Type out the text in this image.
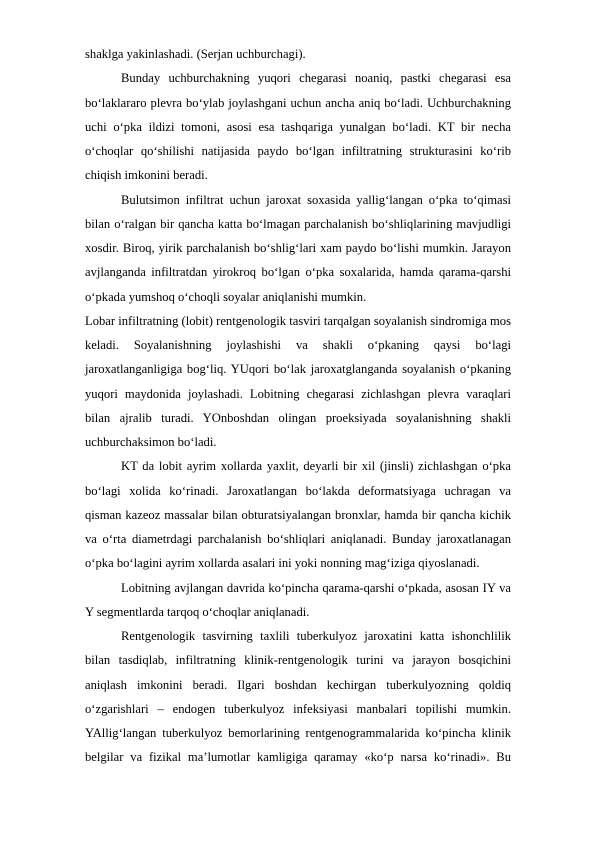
shaklga yakinlashadi. (Serjan uchburchagi).

Bunday uchburchakning yuqori chegarasi noaniq, pastki chegarasi esa bo‘laklararo plevra bo‘ylab joylashgani uchun ancha aniq bo‘ladi. Uchburchakning uchi o‘pka ildizi tomoni, asosi esa tashqariga yunalgan bo‘ladi. KT bir necha o‘choqlar qo‘shilishi natijasida paydo bo‘lgan infiltratning strukturasini ko‘rib chiqish imkonini beradi.

Bulutsimon infiltrat uchun jaroxat soxasida yallig‘langan o‘pka to‘qimasi bilan o‘ralgan bir qancha katta bo‘lmagan parchalanish bo‘shliqlarining mavjudligi xosdir. Biroq, yirik parchalanish bo‘shlig‘lari xam paydo bo‘lishi mumkin. Jarayon avjlanganda infiltratdan yirokroq bo‘lgan o‘pka soxalarida, hamda qarama-qarshi o‘pkada yumshoq o‘choqli soyalar aniqlanishi mumkin.

Lobar infiltratning (lobit) rentgenologik tasviri tarqalgan soyalanish sindromiga mos keladi. Soyalanishning joylashishi va shakli o‘pkaning qaysi bo‘lagi jaroxatlanganligiga bog‘liq. YUqori bo‘lak jaroxatglanganda soyalanish o‘pkaning yuqori maydonida joylashadi. Lobitning chegarasi zichlashgan plevra varaqlari bilan ajralib turadi. YOnboshdan olingan proeksiyada soyalanishning shakli uchburchaksimon bo‘ladi.

KT da lobit ayrim xollarda yaxlit, deyarli bir xil (jinsli) zichlashgan o‘pka bo‘lagi xolida ko‘rinadi. Jaroxatlangan bo‘lakda deformatsiyaga uchragan va qisman kazeoz massalar bilan obturatsiyalangan bronxlar, hamda bir qancha kichik va o‘rta diametrdagi parchalanish bo‘shliqlari aniqlanadi. Bunday jaroxatlanagan o‘pka bo‘lagini ayrim xollarda asalari ini yoki nonning mag‘iziga qiyoslanadi.

Lobitning avjlangan davrida ko‘pincha qarama-qarshi o‘pkada, asosan IY va Y segmentlarda tarqoq o‘choqlar aniqlanadi.

Rentgenologik tasvirning taxlili tuberkulyoz jaroxatini katta ishonchlilik bilan tasdiqlab, infiltratning klinik-rentgenologik turini va jarayon bosqichini aniqlash imkonini beradi. Ilgari boshdan kechirgan tuberkulyozning qoldiq o‘zgarishlari – endogen tuberkulyoz infeksiyasi manbalari topilishi mumkin. YAllig‘langan tuberkulyoz bemorlarining rentgenogrammalarida ko‘pincha klinik belgilar va fizikal ma’lumotlar kamligiga qaramay «ko‘p narsa ko‘rinadi». Bu
